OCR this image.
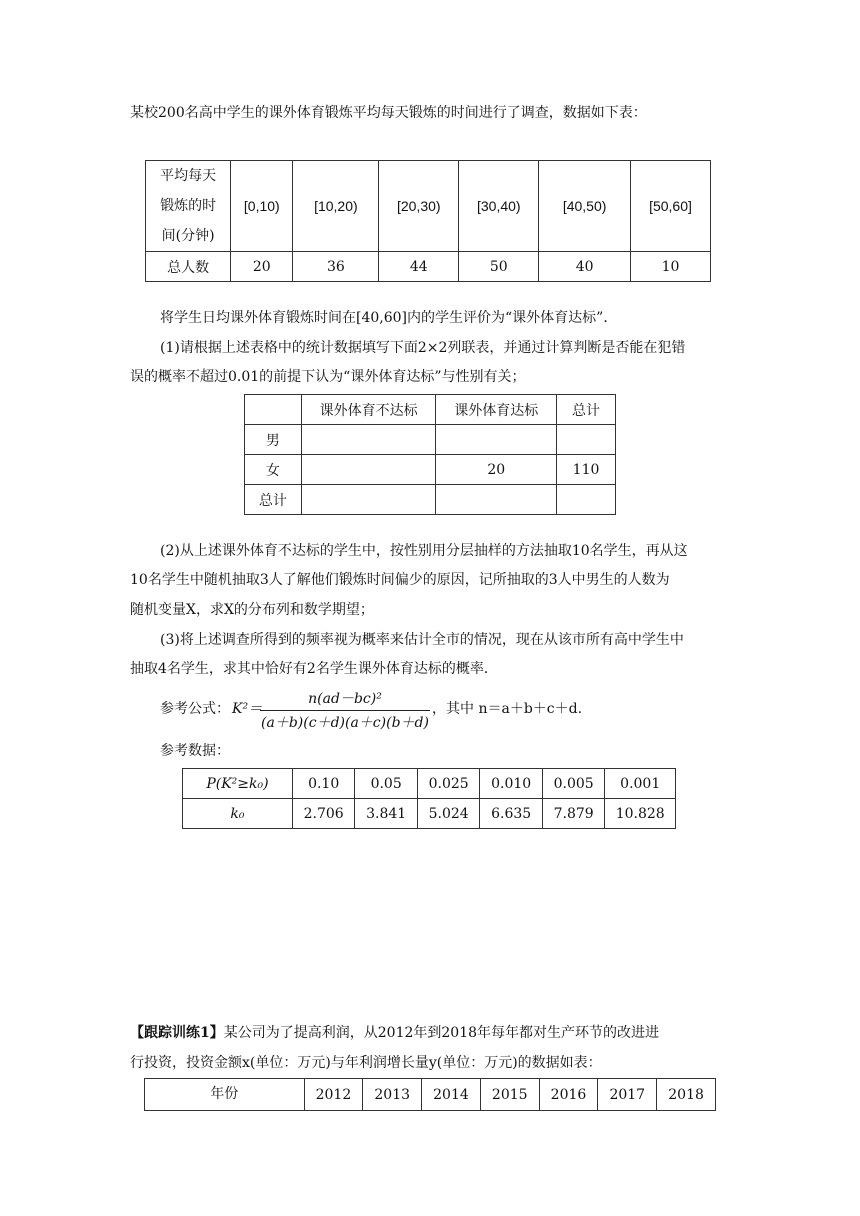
某校200名高中学生的课外体育锻炼平均每天锻炼的时间进行了调查，数据如下表：

平均每天
锻炼的时
间(分钟)	[0,10)	[10,20)	[20,30)	[30,40)	[40,50)	[50,60]
总人数	20	36	44	50	40	10

将学生日均课外体育锻炼时间在[40,60]内的学生评价为“课外体育达标”．

(1)请根据上述表格中的统计数据填写下面2×2列联表，并通过计算判断是否能在犯错

误的概率不超过0.01的前提下认为“课外体育达标”与性别有关；

	课外体育不达标	课外体育达标	总计
男			
女		20	110
总计			

(2)从上述课外体育不达标的学生中，按性别用分层抽样的方法抽取10名学生，再从这

10名学生中随机抽取3人了解他们锻炼时间偏少的原因，记所抽取的3人中男生的人数为

随机变量X，求X的分布列和数学期望；

(3)将上述调查所得到的频率视为概率来估计全市的情况，现在从该市所有高中学生中

抽取4名学生，求其中恰好有2名学生课外体育达标的概率．

参考公式： K²＝
n(ad－bc)²
(a＋b)(c＋d)(a＋c)(b＋d)
，其中 n＝a＋b＋c＋d.

参考数据：

P(K²≥k₀)	0.10	0.05	0.025	0.010	0.005	0.001
k₀	2.706	3.841	5.024	6.635	7.879	10.828

【跟踪训练1】某公司为了提高利润，从2012年到2018年每年都对生产环节的改进进

行投资，投资金额x(单位：万元)与年利润增长量y(单位：万元)的数据如表：

年份	2012	2013	2014	2015	2016	2017	2018
